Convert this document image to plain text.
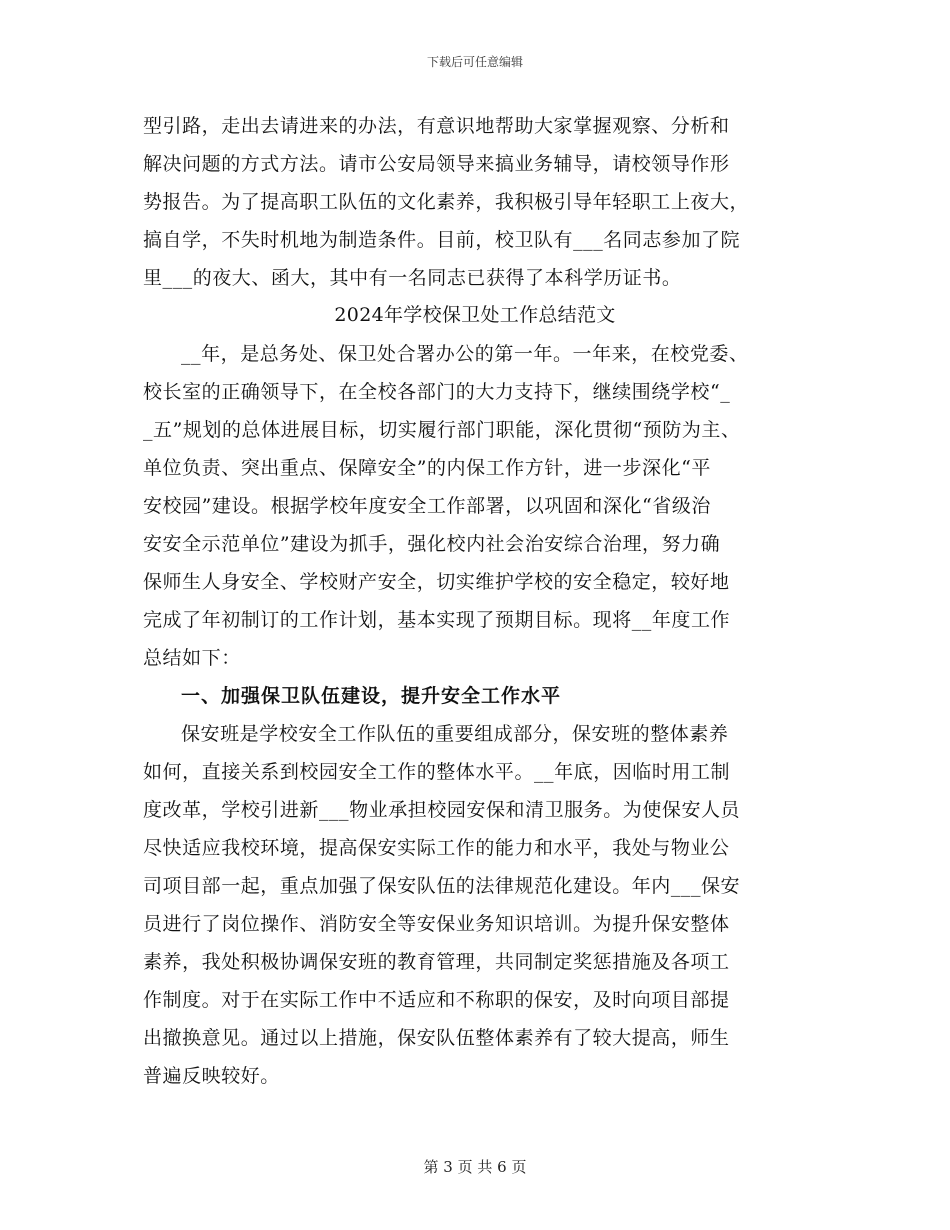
下载后可任意编辑
型引路，走出去请进来的办法，有意识地帮助大家掌握观察、分析和
解决问题的方式方法。请市公安局领导来搞业务辅导，请校领导作形
势报告。为了提高职工队伍的文化素养，我积极引导年轻职工上夜大，
搞自学，不失时机地为制造条件。目前，校卫队有___名同志参加了院
里___的夜大、函大，其中有一名同志已获得了本科学历证书。
2024年学校保卫处工作总结范文
__年，是总务处、保卫处合署办公的第一年。一年来，在校党委、
校长室的正确领导下，在全校各部门的大力支持下，继续围绕学校“_
_五”规划的总体进展目标，切实履行部门职能，深化贯彻“预防为主、
单位负责、突出重点、保障安全”的内保工作方针，进一步深化“平
安校园”建设。根据学校年度安全工作部署，以巩固和深化“省级治
安安全示范单位”建设为抓手，强化校内社会治安综合治理，努力确
保师生人身安全、学校财产安全，切实维护学校的安全稳定，较好地
完成了年初制订的工作计划，基本实现了预期目标。现将__年度工作
总结如下：
一、加强保卫队伍建设，提升安全工作水平
保安班是学校安全工作队伍的重要组成部分，保安班的整体素养
如何，直接关系到校园安全工作的整体水平。__年底，因临时用工制
度改革，学校引进新___物业承担校园安保和清卫服务。为使保安人员
尽快适应我校环境，提高保安实际工作的能力和水平，我处与物业公
司项目部一起，重点加强了保安队伍的法律规范化建设。年内___保安
员进行了岗位操作、消防安全等安保业务知识培训。为提升保安整体
素养，我处积极协调保安班的教育管理，共同制定奖惩措施及各项工
作制度。对于在实际工作中不适应和不称职的保安，及时向项目部提
出撤换意见。通过以上措施，保安队伍整体素养有了较大提高，师生
普遍反映较好。
第 3 页 共 6 页
